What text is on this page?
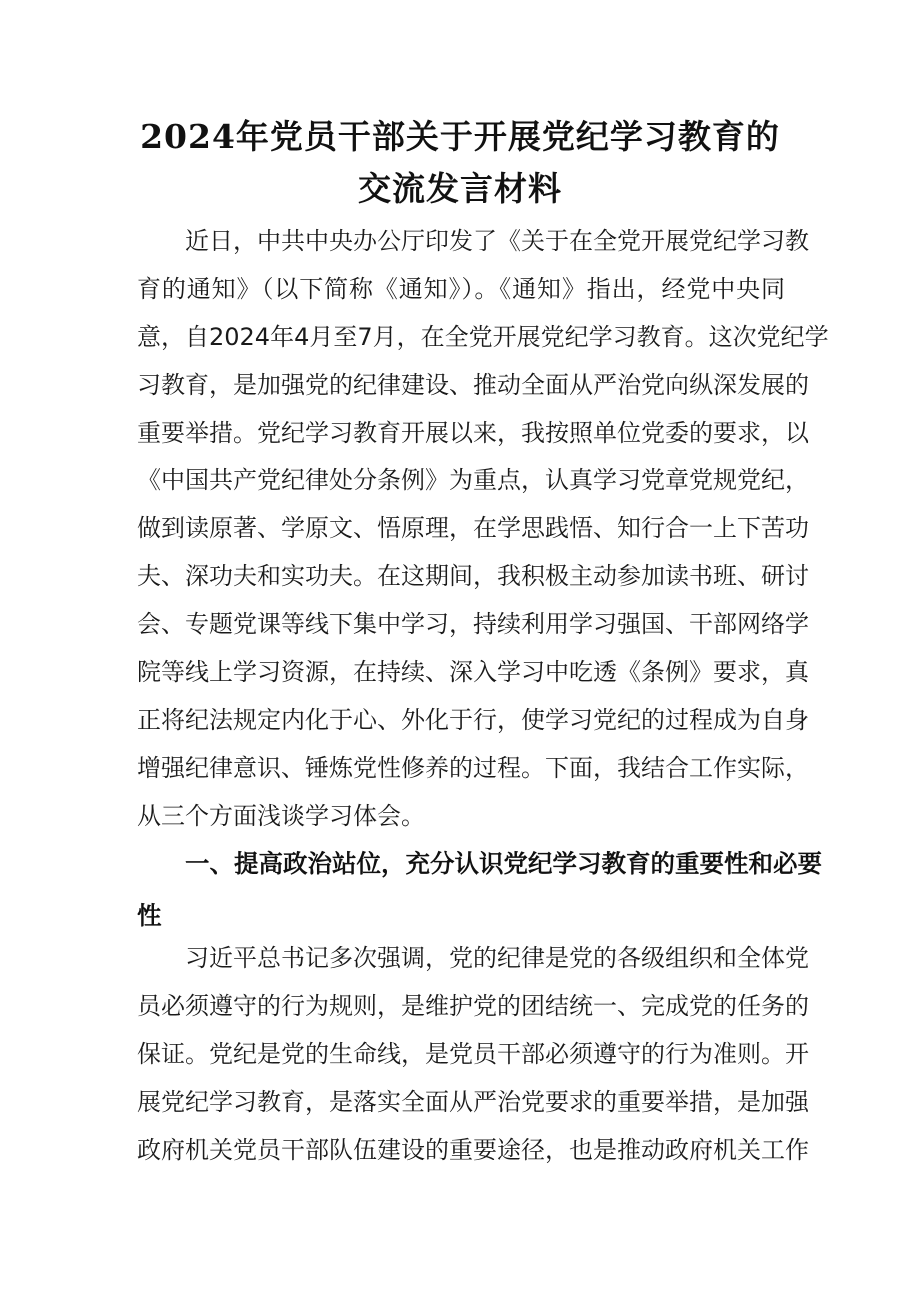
2024年党员干部关于开展党纪学习教育的
交流发言材料
近日，中共中央办公厅印发了《关于在全党开展党纪学习教
育的通知》（以下简称《通知》）。《通知》指出，经党中央同
意，自2024年4月至7月，在全党开展党纪学习教育。这次党纪学
习教育，是加强党的纪律建设、推动全面从严治党向纵深发展的
重要举措。党纪学习教育开展以来，我按照单位党委的要求，以
《中国共产党纪律处分条例》为重点，认真学习党章党规党纪，
做到读原著、学原文、悟原理，在学思践悟、知行合一上下苦功
夫、深功夫和实功夫。在这期间，我积极主动参加读书班、研讨
会、专题党课等线下集中学习，持续利用学习强国、干部网络学
院等线上学习资源，在持续、深入学习中吃透《条例》要求，真
正将纪法规定内化于心、外化于行，使学习党纪的过程成为自身
增强纪律意识、锤炼党性修养的过程。下面，我结合工作实际，
从三个方面浅谈学习体会。
一、提高政治站位，充分认识党纪学习教育的重要性和必要
性
习近平总书记多次强调，党的纪律是党的各级组织和全体党
员必须遵守的行为规则，是维护党的团结统一、完成党的任务的
保证。党纪是党的生命线，是党员干部必须遵守的行为准则。开
展党纪学习教育，是落实全面从严治党要求的重要举措，是加强
政府机关党员干部队伍建设的重要途径，也是推动政府机关工作
